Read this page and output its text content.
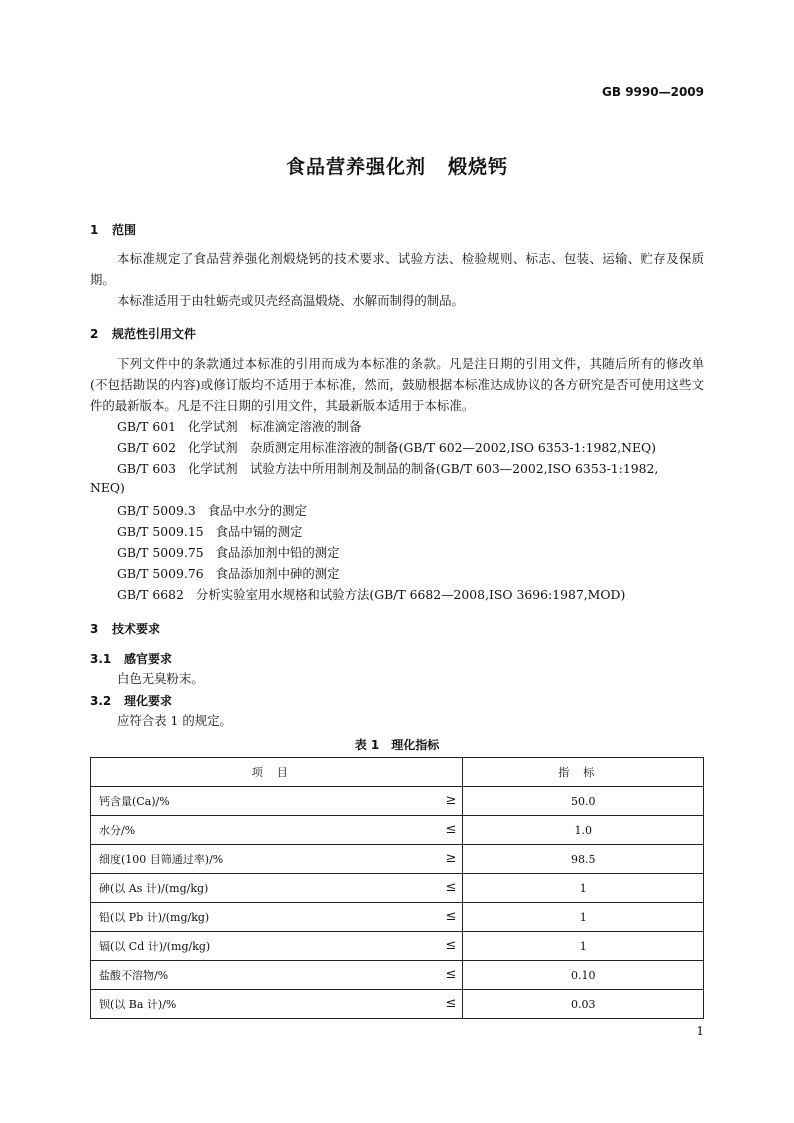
GB 9990—2009
食品营养强化剂 煅烧钙
1 范围
本标准规定了食品营养强化剂煅烧钙的技术要求、试验方法、检验规则、标志、包装、运输、贮存及保质期。
本标准适用于由牡蛎壳或贝壳经高温煅烧、水解而制得的制品。
2 规范性引用文件
下列文件中的条款通过本标准的引用而成为本标准的条款。凡是注日期的引用文件，其随后所有的修改单(不包括勘误的内容)或修订版均不适用于本标准，然而，鼓励根据本标准达成协议的各方研究是否可使用这些文件的最新版本。凡是不注日期的引用文件，其最新版本适用于本标准。
GB/T 601 化学试剂　标准滴定溶液的制备
GB/T 602 化学试剂　杂质测定用标准溶液的制备(GB/T 602—2002,ISO 6353-1:1982,NEQ)
GB/T 603 化学试剂　试验方法中所用制剂及制品的制备(GB/T 603—2002,ISO 6353-1:1982,
NEQ)
GB/T 5009.3 食品中水分的测定
GB/T 5009.15 食品中镉的测定
GB/T 5009.75 食品添加剂中铅的测定
GB/T 5009.76 食品添加剂中砷的测定
GB/T 6682 分析实验室用水规格和试验方法(GB/T 6682—2008,ISO 3696:1987,MOD)
3 技术要求
3.1 感官要求
白色无臭粉末。
3.2 理化要求
应符合表 1 的规定。
表 1 理化指标
项目	指标
钙含量(Ca)/% ≥	50.0
水分/% ≤	1.0
细度(100 目筛通过率)/% ≥	98.5
砷(以 As 计)/(mg/kg) ≤	1
铅(以 Pb 计)/(mg/kg) ≤	1
镉(以 Cd 计)/(mg/kg) ≤	1
盐酸不溶物/% ≤	0.10
钡(以 Ba 计)/% ≤	0.03
1
